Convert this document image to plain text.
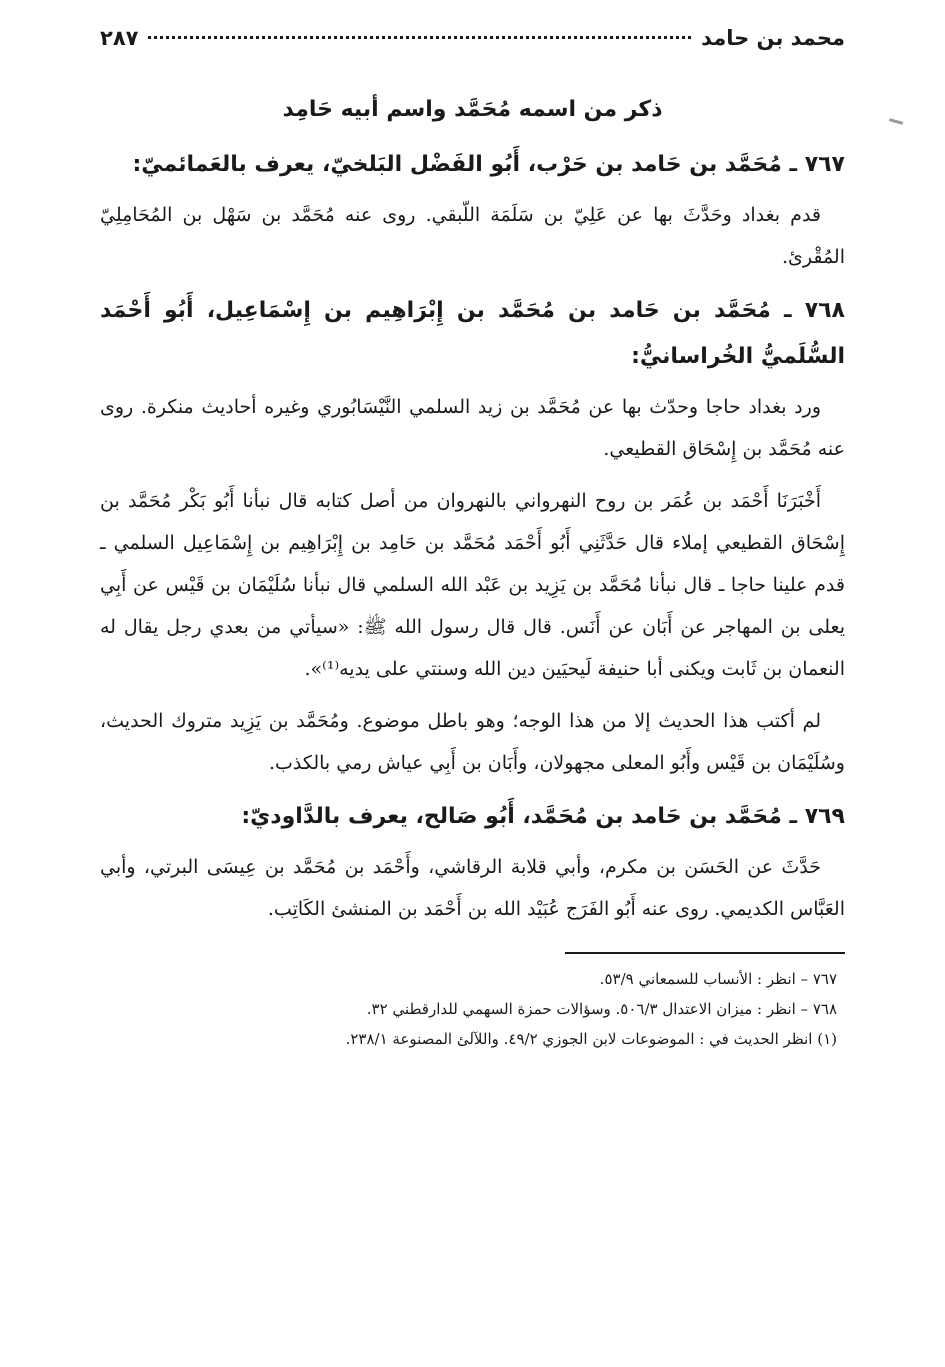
محمد بن حامد
٢٨٧
ذكر من اسمه مُحَمَّد واسم أبيه حَامِد
٧٦٧ ـ مُحَمَّد بن حَامد بن حَرْب، أَبُو الفَضْل البَلخيّ، يعرف بالعَمائميّ:

قدم بغداد وحَدَّثَ بها عن عَلِيّ بن سَلَمَة اللّبقي. روى عنه مُحَمَّد بن سَهْل بن المُحَامِلِيّ المُقْرئ.

٧٦٨ ـ مُحَمَّد بن حَامد بن مُحَمَّد بن إِبْرَاهِيم بن إِسْمَاعِيل، أَبُو أَحْمَد السُّلَميُّ الخُراسانيُّ:

ورد بغداد حاجا وحدّث بها عن مُحَمَّد بن زيد السلمي النَّيْسَابُوري وغيره أحاديث منكرة. روى عنه مُحَمَّد بن إِسْحَاق القطيعي.

أَخْبَرَنَا أَحْمَد بن عُمَر بن روح النهرواني بالنهروان من أصل كتابه قال نبأنا أَبُو بَكْر مُحَمَّد بن إِسْحَاق القطيعي إملاء قال حَدَّثَنِي أَبُو أَحْمَد مُحَمَّد بن حَامِد بن إِبْرَاهِيم بن إِسْمَاعِيل السلمي ـ قدم علينا حاجا ـ قال نبأنا مُحَمَّد بن يَزِيد بن عَبْد الله السلمي قال نبأنا سُلَيْمَان بن قَيْس عن أَبِي يعلى بن المهاجر عن أَبَان عن أَنَس. قال قال رسول الله ﷺ: «سيأتي من بعدي رجل يقال له النعمان بن ثَابت ويكنى أبا حنيفة لَيحيَين دين الله وسنتي على يديه⁽¹⁾».

لم أكتب هذا الحديث إلا من هذا الوجه؛ وهو باطل موضوع. ومُحَمَّد بن يَزِيد متروك الحديث، وسُلَيْمَان بن قَيْس وأَبُو المعلى مجهولان، وأَبَان بن أَبِي عياش رمي بالكذب.

٧٦٩ ـ مُحَمَّد بن حَامد بن مُحَمَّد، أَبُو صَالح، يعرف بالدَّاوديّ:

حَدَّثَ عن الحَسَن بن مكرم، وأبي قلابة الرقاشي، وأَحْمَد بن مُحَمَّد بن عِيسَى البرتي، وأبي العَبَّاس الكديمي. روى عنه أَبُو الفَرَج عُبَيْد الله بن أَحْمَد بن المنشئ الكَاتِب.

٧٦٧ – انظر : الأنساب للسمعاني ٥٣/٩.
٧٦٨ – انظر : ميزان الاعتدال ٥٠٦/٣. وسؤالات حمزة السهمي للدارقطني ٣٢.
(١) انظر الحديث في : الموضوعات لابن الجوزي ٤٩/٢. واللآلئ المصنوعة ٢٣٨/١.
